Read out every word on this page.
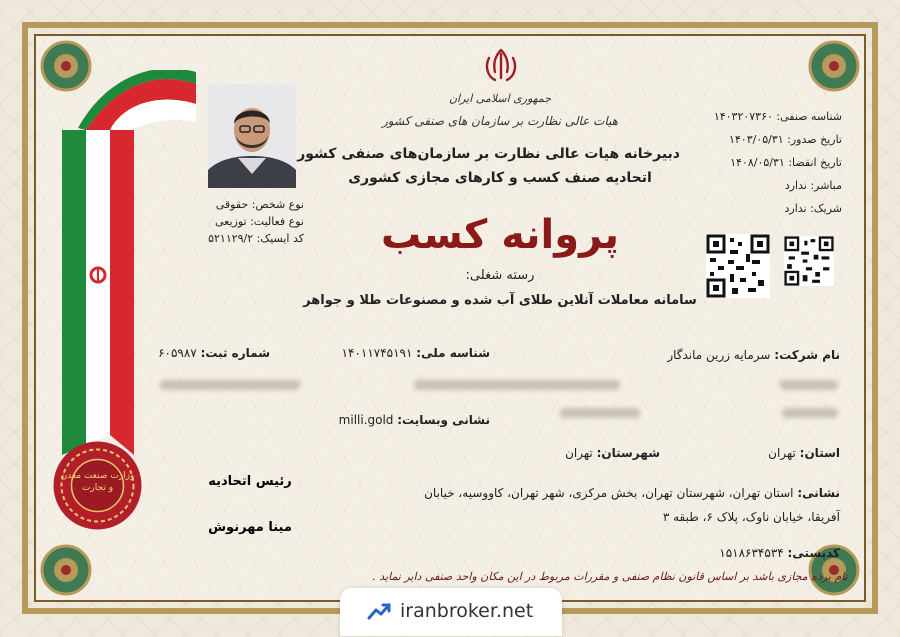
وزارت صنعت معدن و تجارت
جمهوری اسلامی ایران
هیات عالی نظارت بر سازمان های صنفی کشور
دبیرخانه هیات عالی نظارت بر سازمان‌های صنفی کشور
اتحادیه صنف کسب و کارهای مجازی کشوری
پروانه کسب
رسته شغلی:
سامانه معاملات آنلاین طلای آب شده و مصنوعات طلا و جواهر
شناسه صنفی: ۱۴۰۳۲۰۷۳۶۰
تاریخ صدور: ۱۴۰۳/۰۵/۳۱
تاریخ انقضا: ۱۴۰۸/۰۵/۳۱
مباشر: ندارد
شریک: ندارد
نوع شخص: حقوقی
نوع فعالیت: توزیعی
کد ایسیک: ۵۲۱۱۲۹/۲
نام شرکت: سرمایه زرین ماندگار
شناسه ملی: ۱۴۰۱۱۷۴۵۱۹۱
شماره ثبت: ۶۰۵۹۸۷
نشانی وبسایت: milli.gold
استان: تهران
شهرستان: تهران
نشانی: استان تهران، شهرستان تهران، بخش مرکزی، شهر تهران، کاووسیه، خیابان
آفریقا، خیابان ناوک، پلاک ۶، طبقه ۳
کدپستی: ۱۵۱۸۶۳۴۵۳۴
رئیس اتحادیه
مینا مهرنوش
نام برده مجازی باشد بر اساس قانون نظام صنفی و مقررات مربوط در این مکان واحد صنفی دایر نماید .
iranbroker.net
